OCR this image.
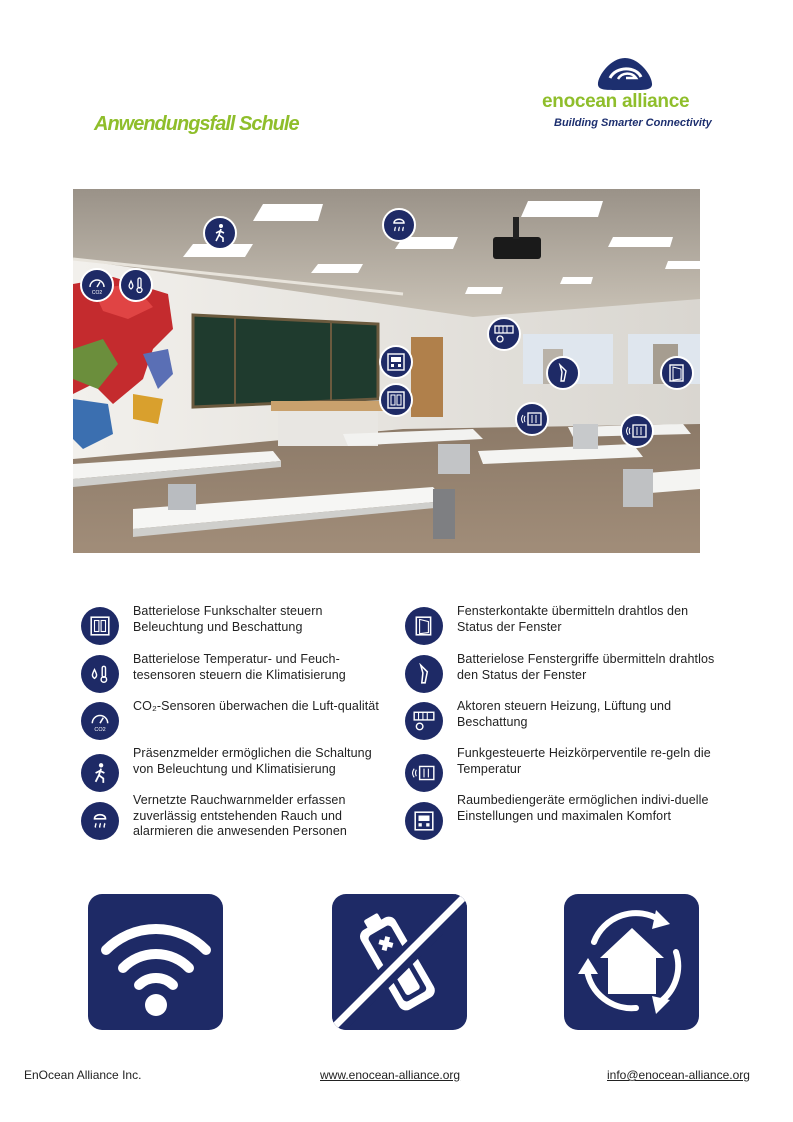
Anwendungsfall Schule
enocean alliance
Building Smarter Connectivity
CO2
Batterielose Funkschalter steuern Beleuchtung und Beschattung
Batterielose Temperatur- und Feuch-tesensoren steuern die Klimatisierung
CO2
CO₂-Sensoren überwachen die Luft-qualität
Präsenzmelder ermöglichen die Schaltung von Beleuchtung und Klimatisierung
Vernetzte Rauchwarnmelder erfassen zuverlässig entstehenden Rauch und alarmieren die anwesenden Personen
Fensterkontakte übermitteln drahtlos den Status der Fenster
Batterielose Fenstergriffe übermitteln drahtlos den Status der Fenster
Aktoren steuern Heizung, Lüftung und Beschattung
Funkgesteuerte Heizkörperventile re-geln die Temperatur
Raumbediengeräte ermöglichen indivi-duelle Einstellungen und maximalen Komfort
EnOcean Alliance Inc.	www.enocean-alliance.org	info@enocean-alliance.org
